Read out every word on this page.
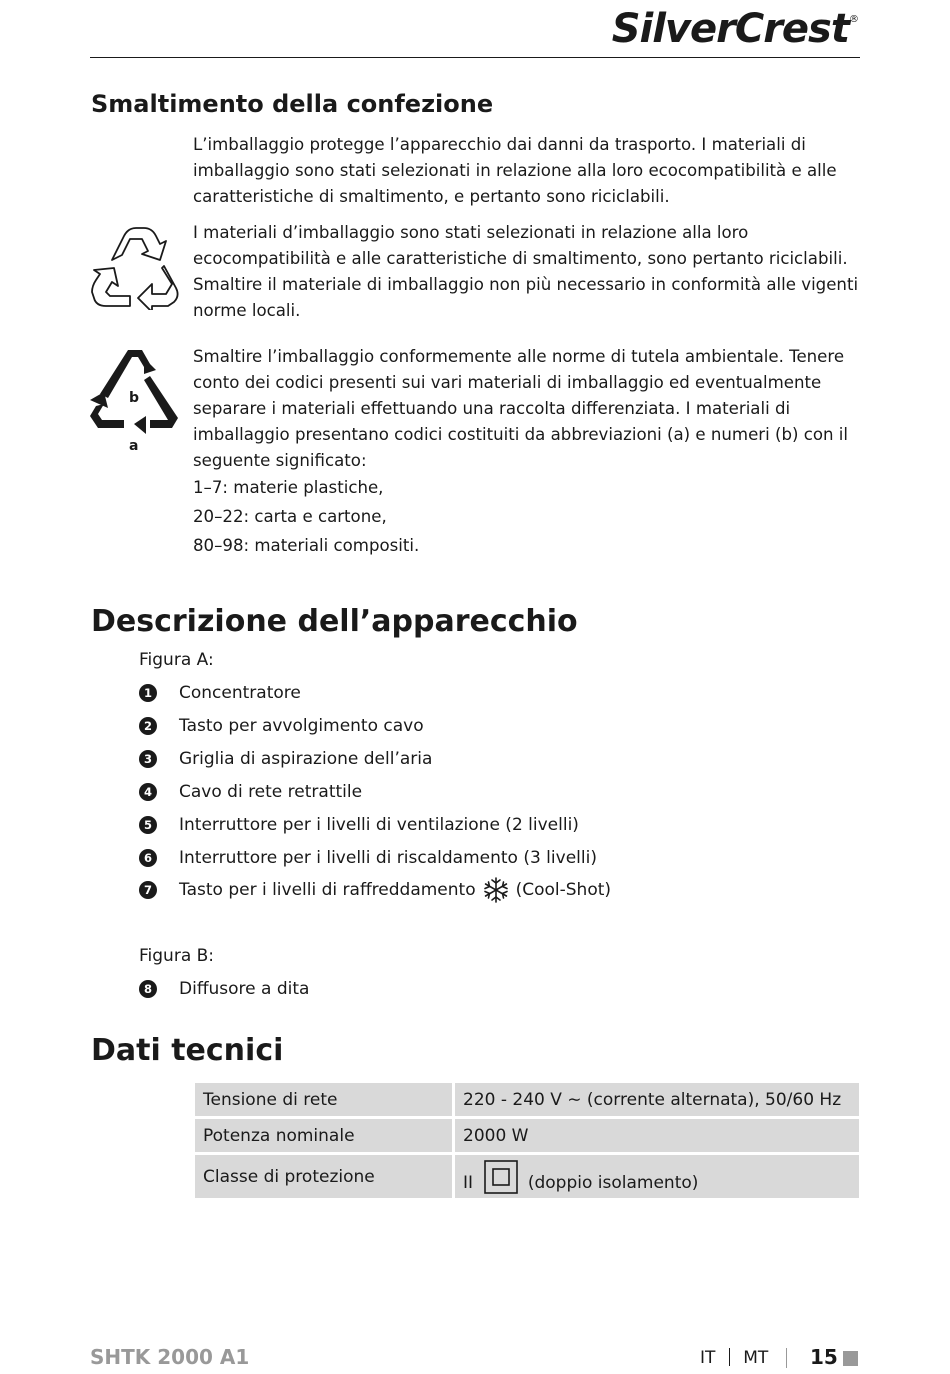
SilverCrest®
Smaltimento della confezione

L’imballaggio protegge l’apparecchio dai danni da trasporto. I materiali di imballaggio sono stati selezionati in relazione alla loro ecocompatibilità e alle caratteristiche di smaltimento, e pertanto sono riciclabili.

I materiali d’imballaggio sono stati selezionati in relazione alla loro ecocompatibilità e alle caratteristiche di smaltimento, sono pertanto riciclabili. Smaltire il materiale di imballaggio non più necessario in conformità alle vigenti norme locali.

b
a

Smaltire l’imballaggio conformemente alle norme di tutela ambientale. Tenere conto dei codici presenti sui vari materiali di imballaggio ed eventualmente separare i materiali effettuando una raccolta differenziata. I materiali di imballaggio presentano codici costituiti da abbreviazioni (a) e numeri (b) con il seguente significato:

1–7: materie plastiche,

20–22: carta e cartone,

80–98: materiali compositi.

Descrizione dell’apparecchio

Figura A:

1 Concentratore
2 Tasto per avvolgimento cavo
3 Griglia di aspirazione dell’aria
4 Cavo di rete retrattile
5 Interruttore per i livelli di ventilazione (2 livelli)
6 Interruttore per i livelli di riscaldamento (3 livelli)
7 Tasto per i livelli di raffreddamento (Cool-Shot)

Figura B:

8 Diffusore a dita
Dati tecnici
Tensione di rete	220 - 240 V ∼ (corrente alternata), 50/60 Hz
Potenza nominale	2000 W
Classe di protezione	II (doppio isolamento)
SHTK 2000 A1	IT MT 15
